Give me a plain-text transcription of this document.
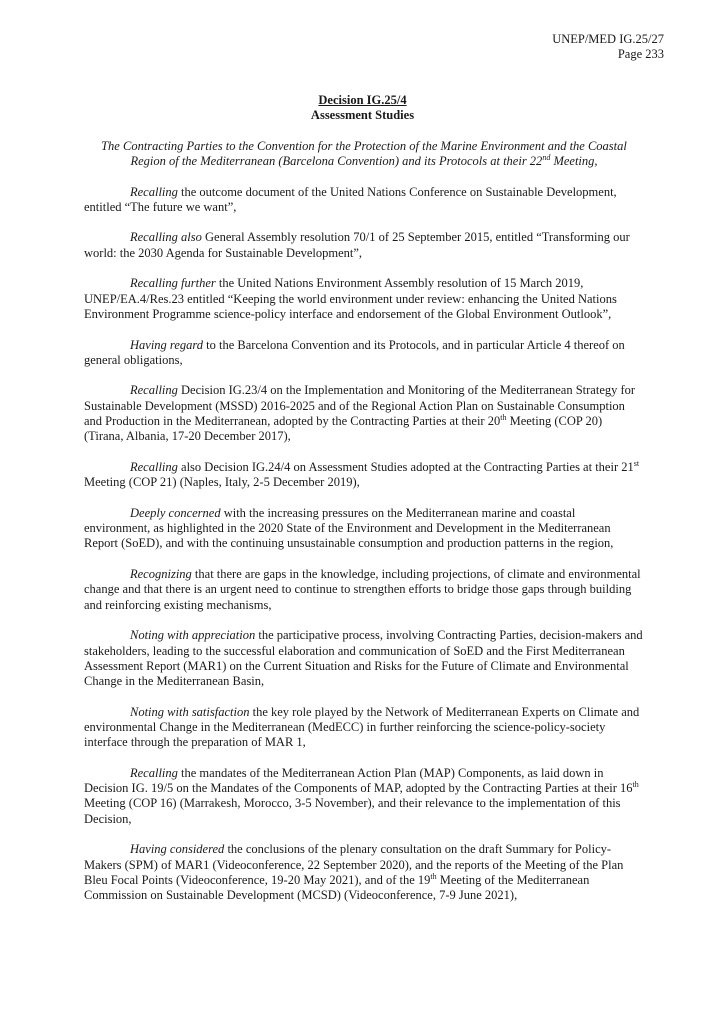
UNEP/MED IG.25/27
Page 233
Decision IG.25/4
Assessment Studies

The Contracting Parties to the Convention for the Protection of the Marine Environment and the Coastal Region of the Mediterranean (Barcelona Convention) and its Protocols at their 22nd Meeting,

Recalling the outcome document of the United Nations Conference on Sustainable Development, entitled “The future we want”,

Recalling also General Assembly resolution 70/1 of 25 September 2015, entitled “Transforming our world: the 2030 Agenda for Sustainable Development”,

Recalling further the United Nations Environment Assembly resolution of 15 March 2019, UNEP/EA.4/Res.23 entitled “Keeping the world environment under review: enhancing the United Nations Environment Programme science-policy interface and endorsement of the Global Environment Outlook”,

Having regard to the Barcelona Convention and its Protocols, and in particular Article 4 thereof on general obligations,

Recalling Decision IG.23/4 on the Implementation and Monitoring of the Mediterranean Strategy for Sustainable Development (MSSD) 2016-2025 and of the Regional Action Plan on Sustainable Consumption and Production in the Mediterranean, adopted by the Contracting Parties at their 20th Meeting (COP 20) (Tirana, Albania, 17-20 December 2017),

Recalling also Decision IG.24/4 on Assessment Studies adopted at the Contracting Parties at their 21st Meeting (COP 21) (Naples, Italy, 2-5 December 2019),

Deeply concerned with the increasing pressures on the Mediterranean marine and coastal environment, as highlighted in the 2020 State of the Environment and Development in the Mediterranean Report (SoED), and with the continuing unsustainable consumption and production patterns in the region,

Recognizing that there are gaps in the knowledge, including projections, of climate and environmental change and that there is an urgent need to continue to strengthen efforts to bridge those gaps through building and reinforcing existing mechanisms,

Noting with appreciation the participative process, involving Contracting Parties, decision-makers and stakeholders, leading to the successful elaboration and communication of SoED and the First Mediterranean Assessment Report (MAR1) on the Current Situation and Risks for the Future of Climate and Environmental Change in the Mediterranean Basin,

Noting with satisfaction the key role played by the Network of Mediterranean Experts on Climate and environmental Change in the Mediterranean (MedECC) in further reinforcing the science-policy-society interface through the preparation of MAR 1,

Recalling the mandates of the Mediterranean Action Plan (MAP) Components, as laid down in Decision IG. 19/5 on the Mandates of the Components of MAP, adopted by the Contracting Parties at their 16th Meeting (COP 16) (Marrakesh, Morocco, 3-5 November), and their relevance to the implementation of this Decision,

Having considered the conclusions of the plenary consultation on the draft Summary for Policy-Makers (SPM) of MAR1 (Videoconference, 22 September 2020), and the reports of the Meeting of the Plan Bleu Focal Points (Videoconference, 19-20 May 2021), and of the 19th Meeting of the Mediterranean Commission on Sustainable Development (MCSD) (Videoconference, 7-9 June 2021),
